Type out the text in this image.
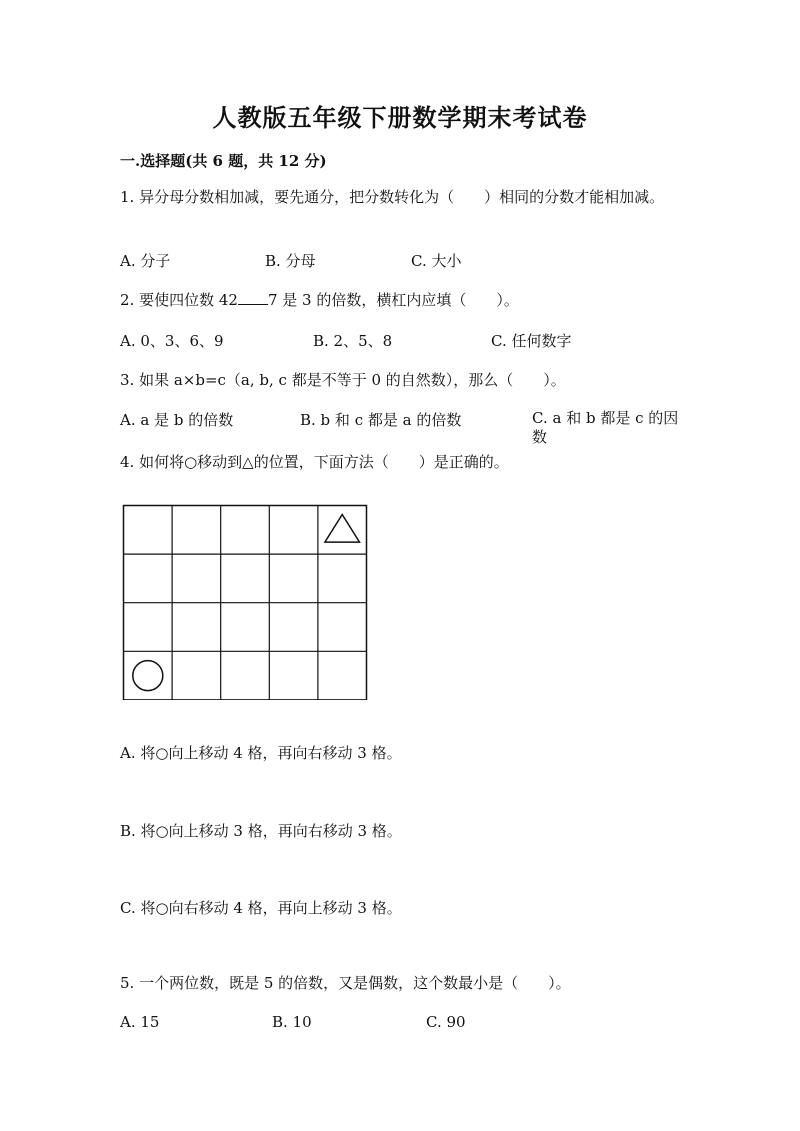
人教版五年级下册数学期末考试卷
一.选择题(共 6 题，共 12 分)
1. 异分母分数相加减，要先通分，把分数转化为（　　）相同的分数才能相加减。
A. 分子	B. 分母	C. 大小
2. 要使四位数 42 7 是 3 的倍数，横杠内应填（　　）。
A. 0、3、6、9	B. 2、5、8	C. 任何数字
3. 如果 a×b=c（a, b, c 都是不等于 0 的自然数），那么（　　）。
A. a 是 b 的倍数	B. b 和 c 都是 a 的倍数	C. a 和 b 都是 c 的因数
4. 如何将○移动到△的位置，下面方法（　　）是正确的。
A. 将○向上移动 4 格，再向右移动 3 格。
B. 将○向上移动 3 格，再向右移动 3 格。
C. 将○向右移动 4 格，再向上移动 3 格。
5. 一个两位数，既是 5 的倍数，又是偶数，这个数最小是（　　）。
A. 15	B. 10	C. 90
